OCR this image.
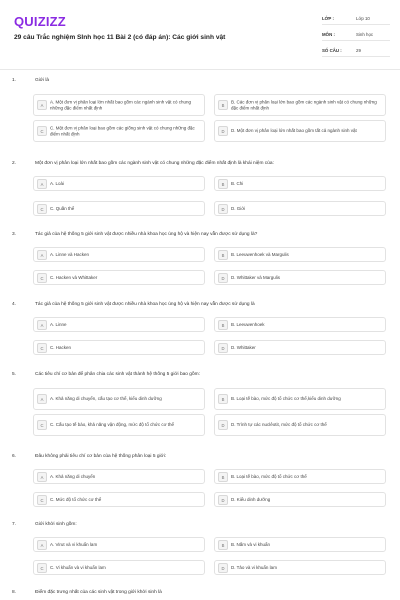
QUIZIZZ
29 câu Trắc nghiệm SInh học 11 Bài 2 (có đáp án): Các giới sinh vật
LỚP :	Lớp 10
MÔN :	Sinh học
SỐ CÂU :	29
1.	Giới là
A
A. Một đơn vị phân loại lớn nhất bao gồm các ngành sinh vật có chung những đặc điểm nhất định	B
B. Các đơn vị phân loại lớn bao gồm các ngành sinh vật có chung những đặc điểm nhất định
C
C. Một đơn vị phân loại bao gồm các giống sinh vật có chung những đặc điểm nhất định	D	D. Một đơn vị phân loại lớn nhất bao gồm tất cả ngành sinh vật
2.	Một đơn vị phân loại lớn nhất bao gồm các ngành sinh vật có chung những đặc điểm nhất định là khái niệm của:
A	A. Loài	B	B. Chi
C	C. Quần thể	D	D. Giới
3.	Tác giả của hệ thống 5 giới sinh vật được nhiều nhà khoa học ủng hộ và hiện nay vẫn được sử dụng là?
A	A. Linne và Hacken	B	B. Leeuwenhoek và Margulis
C	C. Hacken và Whittaker	D	D. Whittaker và Margulis
4.	Tác giả của hệ thống 5 giới sinh vật được nhiều nhà khoa học ủng hộ và hiện nay vẫn được sử dụng là
A	A. Linne	B	B. Leeuwenhoek
C	C. Hacken	D	D. Whittaker
5.	Các tiêu chí cơ bản để phân chia các sinh vật thành hệ thống 5 giới bao gồm:
A	A. Khả năng di chuyển, cấu tạo cơ thể, kiểu dinh dưỡng	B	B. Loại tế bào, mức độ tổ chức cơ thể,kiểu dinh dưỡng
C	C. Cấu tạo tế bào, khả năng vận động, mức độ tổ chức cơ thể	D	D. Trình tự các nuclêotit, mức độ tổ chức cơ thể
6.	Đâu không phải tiêu chí cơ bản của hệ thống phân loại 5 giới:
A	A. Khả năng di chuyển	B	B. Loại tế bào, mức độ tổ chức cơ thể
C	C. Mức độ tổ chức cơ thể	D	D. Kiểu dinh dưỡng
7.	Giới khởi sinh gồm:
A	A. Virut và vi khuẩn lam	B	B. Nấm và vi khuẩn
C	C. Vi khuẩn và vi khuẩn lam	D	D. Tảo và vi khuẩn lam
8.	Điểm đặc trưng nhất của các sinh vật trong giới khởi sinh là
